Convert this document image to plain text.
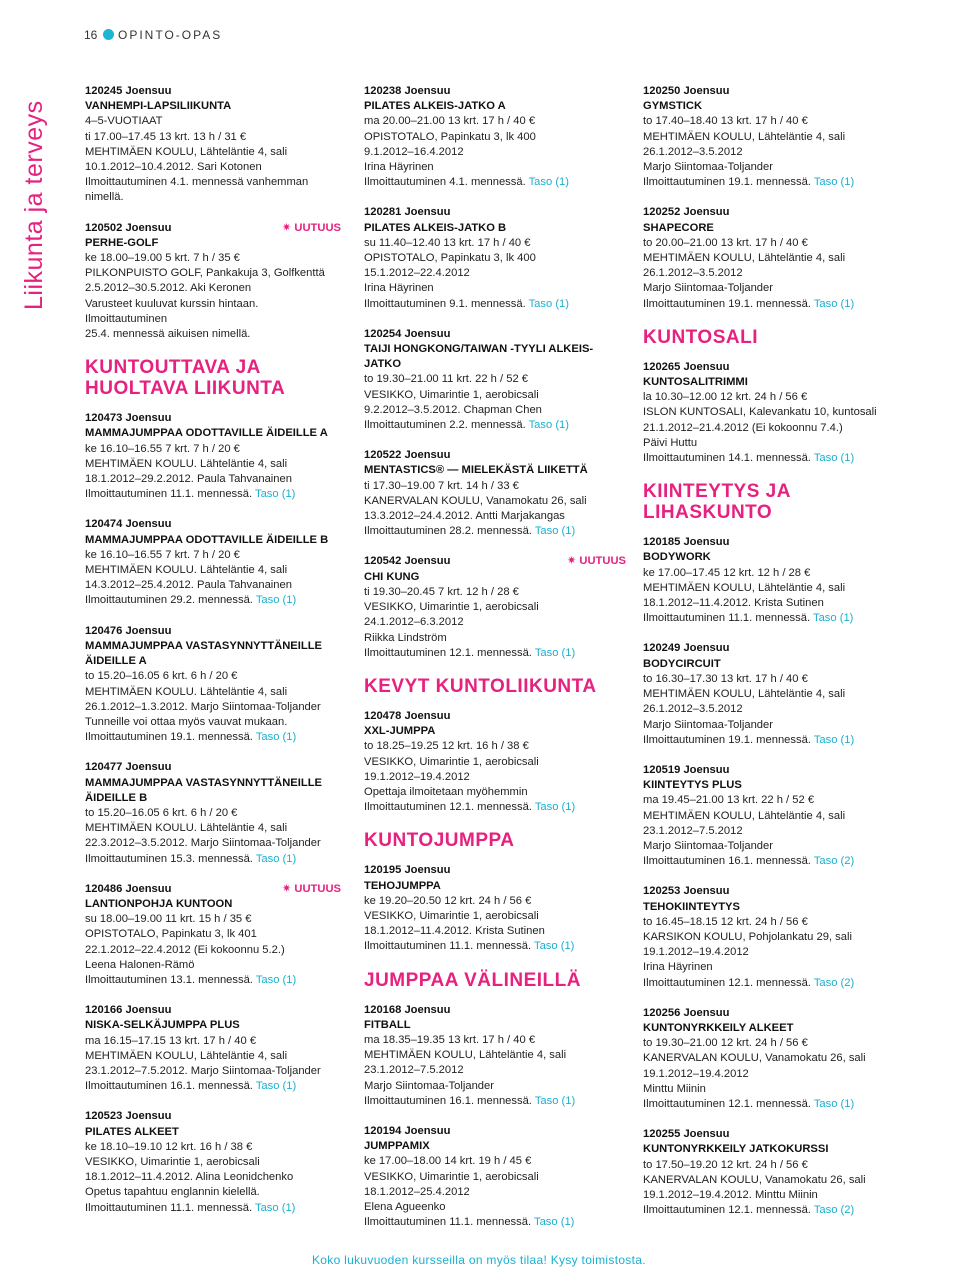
16 OPINTO-OPAS
Liikunta ja terveys
120245 Joensuu
VANHEMPI-LAPSILIIKUNTA
4–5-VUOTIAAT
ti 17.00–17.45 13 krt. 13 h / 31 €
MEHTIMÄEN KOULU, Lähteläntie 4, sali
10.1.2012–10.4.2012. Sari Kotonen
Ilmoittautuminen 4.1. mennessä vanhemman nimellä.
120502 Joensuu	✷ UUTUUS
PERHE-GOLF
ke 18.00–19.00 5 krt. 7 h / 35 €
PILKONPUISTO GOLF, Pankakuja 3, Golfkenttä
2.5.2012–30.5.2012. Aki Keronen
Varusteet kuuluvat kurssin hintaan. Ilmoittautuminen
25.4. mennessä aikuisen nimellä.
KUNTOUTTAVA JA HUOLTAVA LIIKUNTA
120473 Joensuu
MAMMAJUMPPAA ODOTTAVILLE ÄIDEILLE A
ke 16.10–16.55 7 krt. 7 h / 20 €
MEHTIMÄEN KOULU. Lähteläntie 4, sali
18.1.2012–29.2.2012. Paula Tahvanainen
Ilmoittautuminen 11.1. mennessä. Taso (1)
120474 Joensuu
MAMMAJUMPPAA ODOTTAVILLE ÄIDEILLE B
ke 16.10–16.55 7 krt. 7 h / 20 €
MEHTIMÄEN KOULU. Lähteläntie 4, sali
14.3.2012–25.4.2012. Paula Tahvanainen
Ilmoittautuminen 29.2. mennessä. Taso (1)
120476 Joensuu
MAMMAJUMPPAA VASTASYNNYTTÄNEILLE ÄIDEILLE A
to 15.20–16.05 6 krt. 6 h / 20 €
MEHTIMÄEN KOULU. Lähteläntie 4, sali
26.1.2012–1.3.2012. Marjo Siintomaa-Toljander
Tunneille voi ottaa myös vauvat mukaan.
Ilmoittautuminen 19.1. mennessä. Taso (1)
120477 Joensuu
MAMMAJUMPPAA VASTASYNNYTTÄNEILLE ÄIDEILLE B
to 15.20–16.05 6 krt. 6 h / 20 €
MEHTIMÄEN KOULU. Lähteläntie 4, sali
22.3.2012–3.5.2012. Marjo Siintomaa-Toljander
Ilmoittautuminen 15.3. mennessä. Taso (1)
120486 Joensuu	✷ UUTUUS
LANTIONPOHJA KUNTOON
su 18.00–19.00 11 krt. 15 h / 35 €
OPISTOTALO, Papinkatu 3, lk 401
22.1.2012–22.4.2012 (Ei kokoonnu 5.2.)
Leena Halonen-Rämö
Ilmoittautuminen 13.1. mennessä. Taso (1)
120166 Joensuu
NISKA-SELKÄJUMPPA PLUS
ma 16.15–17.15 13 krt. 17 h / 40 €
MEHTIMÄEN KOULU, Lähteläntie 4, sali
23.1.2012–7.5.2012. Marjo Siintomaa-Toljander
Ilmoittautuminen 16.1. mennessä. Taso (1)
120523 Joensuu
PILATES ALKEET
ke 18.10–19.10 12 krt. 16 h / 38 €
VESIKKO, Uimarintie 1, aerobicsali
18.1.2012–11.4.2012. Alina Leonidchenko
Opetus tapahtuu englannin kielellä.
Ilmoittautuminen 11.1. mennessä. Taso (1)
120238 Joensuu
PILATES ALKEIS-JATKO A
ma 20.00–21.00 13 krt. 17 h / 40 €
OPISTOTALO, Papinkatu 3, lk 400
9.1.2012–16.4.2012
Irina Häyrinen
Ilmoittautuminen 4.1. mennessä. Taso (1)
120281 Joensuu
PILATES ALKEIS-JATKO B
su 11.40–12.40 13 krt. 17 h / 40 €
OPISTOTALO, Papinkatu 3, lk 400
15.1.2012–22.4.2012
Irina Häyrinen
Ilmoittautuminen 9.1. mennessä. Taso (1)
120254 Joensuu
TAIJI HONGKONG/TAIWAN -TYYLI ALKEIS-JATKO
to 19.30–21.00 11 krt. 22 h / 52 €
VESIKKO, Uimarintie 1, aerobicsali
9.2.2012–3.5.2012. Chapman Chen
Ilmoittautuminen 2.2. mennessä. Taso (1)
120522 Joensuu
MENTASTICS® — MIELEKÄSTÄ LIIKETTÄ
ti 17.30–19.00 7 krt. 14 h / 33 €
KANERVALAN KOULU, Vanamokatu 26, sali
13.3.2012–24.4.2012. Antti Marjakangas
Ilmoittautuminen 28.2. mennessä. Taso (1)
120542 Joensuu	✷ UUTUUS
CHI KUNG
ti 19.30–20.45 7 krt. 12 h / 28 €
VESIKKO, Uimarintie 1, aerobicsali
24.1.2012–6.3.2012
Riikka Lindström
Ilmoittautuminen 12.1. mennessä. Taso (1)
KEVYT KUNTOLIIKUNTA
120478 Joensuu
XXL-JUMPPA
to 18.25–19.25 12 krt. 16 h / 38 €
VESIKKO, Uimarintie 1, aerobicsali
19.1.2012–19.4.2012
Opettaja ilmoitetaan myöhemmin
Ilmoittautuminen 12.1. mennessä. Taso (1)
KUNTOJUMPPA
120195 Joensuu
TEHOJUMPPA
ke 19.20–20.50 12 krt. 24 h / 56 €
VESIKKO, Uimarintie 1, aerobicsali
18.1.2012–11.4.2012. Krista Sutinen
Ilmoittautuminen 11.1. mennessä. Taso (1)
JUMPPAA VÄLINEILLÄ
120168 Joensuu
FITBALL
ma 18.35–19.35 13 krt. 17 h / 40 €
MEHTIMÄEN KOULU, Lähteläntie 4, sali
23.1.2012–7.5.2012
Marjo Siintomaa-Toljander
Ilmoittautuminen 16.1. mennessä. Taso (1)
120194 Joensuu
JUMPPAMIX
ke 17.00–18.00 14 krt. 19 h / 45 €
VESIKKO, Uimarintie 1, aerobicsali
18.1.2012–25.4.2012
Elena Agueenko
Ilmoittautuminen 11.1. mennessä. Taso (1)
120250 Joensuu
GYMSTICK
to 17.40–18.40 13 krt. 17 h / 40 €
MEHTIMÄEN KOULU, Lähteläntie 4, sali
26.1.2012–3.5.2012
Marjo Siintomaa-Toljander
Ilmoittautuminen 19.1. mennessä. Taso (1)
120252 Joensuu
SHAPECORE
to 20.00–21.00 13 krt. 17 h / 40 €
MEHTIMÄEN KOULU, Lähteläntie 4, sali
26.1.2012–3.5.2012
Marjo Siintomaa-Toljander
Ilmoittautuminen 19.1. mennessä. Taso (1)
KUNTOSALI
120265 Joensuu
KUNTOSALITRIMMI
la 10.30–12.00 12 krt. 24 h / 56 €
ISLON KUNTOSALI, Kalevankatu 10, kuntosali
21.1.2012–21.4.2012 (Ei kokoonnu 7.4.)
Päivi Huttu
Ilmoittautuminen 14.1. mennessä. Taso (1)
KIINTEYTYS JA LIHASKUNTO
120185 Joensuu
BODYWORK
ke 17.00–17.45 12 krt. 12 h / 28 €
MEHTIMÄEN KOULU, Lähteläntie 4, sali
18.1.2012–11.4.2012. Krista Sutinen
Ilmoittautuminen 11.1. mennessä. Taso (1)
120249 Joensuu
BODYCIRCUIT
to 16.30–17.30 13 krt. 17 h / 40 €
MEHTIMÄEN KOULU, Lähteläntie 4, sali
26.1.2012–3.5.2012
Marjo Siintomaa-Toljander
Ilmoittautuminen 19.1. mennessä. Taso (1)
120519 Joensuu
KIINTEYTYS PLUS
ma 19.45–21.00 13 krt. 22 h / 52 €
MEHTIMÄEN KOULU, Lähteläntie 4, sali
23.1.2012–7.5.2012
Marjo Siintomaa-Toljander
Ilmoittautuminen 16.1. mennessä. Taso (2)
120253 Joensuu
TEHOKIINTEYTYS
to 16.45–18.15 12 krt. 24 h / 56 €
KARSIKON KOULU, Pohjolankatu 29, sali
19.1.2012–19.4.2012
Irina Häyrinen
Ilmoittautuminen 12.1. mennessä. Taso (2)
120256 Joensuu
KUNTONYRKKEILY ALKEET
to 19.30–21.00 12 krt. 24 h / 56 €
KANERVALAN KOULU, Vanamokatu 26, sali
19.1.2012–19.4.2012
Minttu Miinin
Ilmoittautuminen 12.1. mennessä. Taso (1)
120255 Joensuu
KUNTONYRKKEILY JATKOKURSSI
to 17.50–19.20 12 krt. 24 h / 56 €
KANERVALAN KOULU, Vanamokatu 26, sali
19.1.2012–19.4.2012. Minttu Miinin
Ilmoittautuminen 12.1. mennessä. Taso (2)
Koko lukuvuoden kursseilla on myös tilaa! Kysy toimistosta.
